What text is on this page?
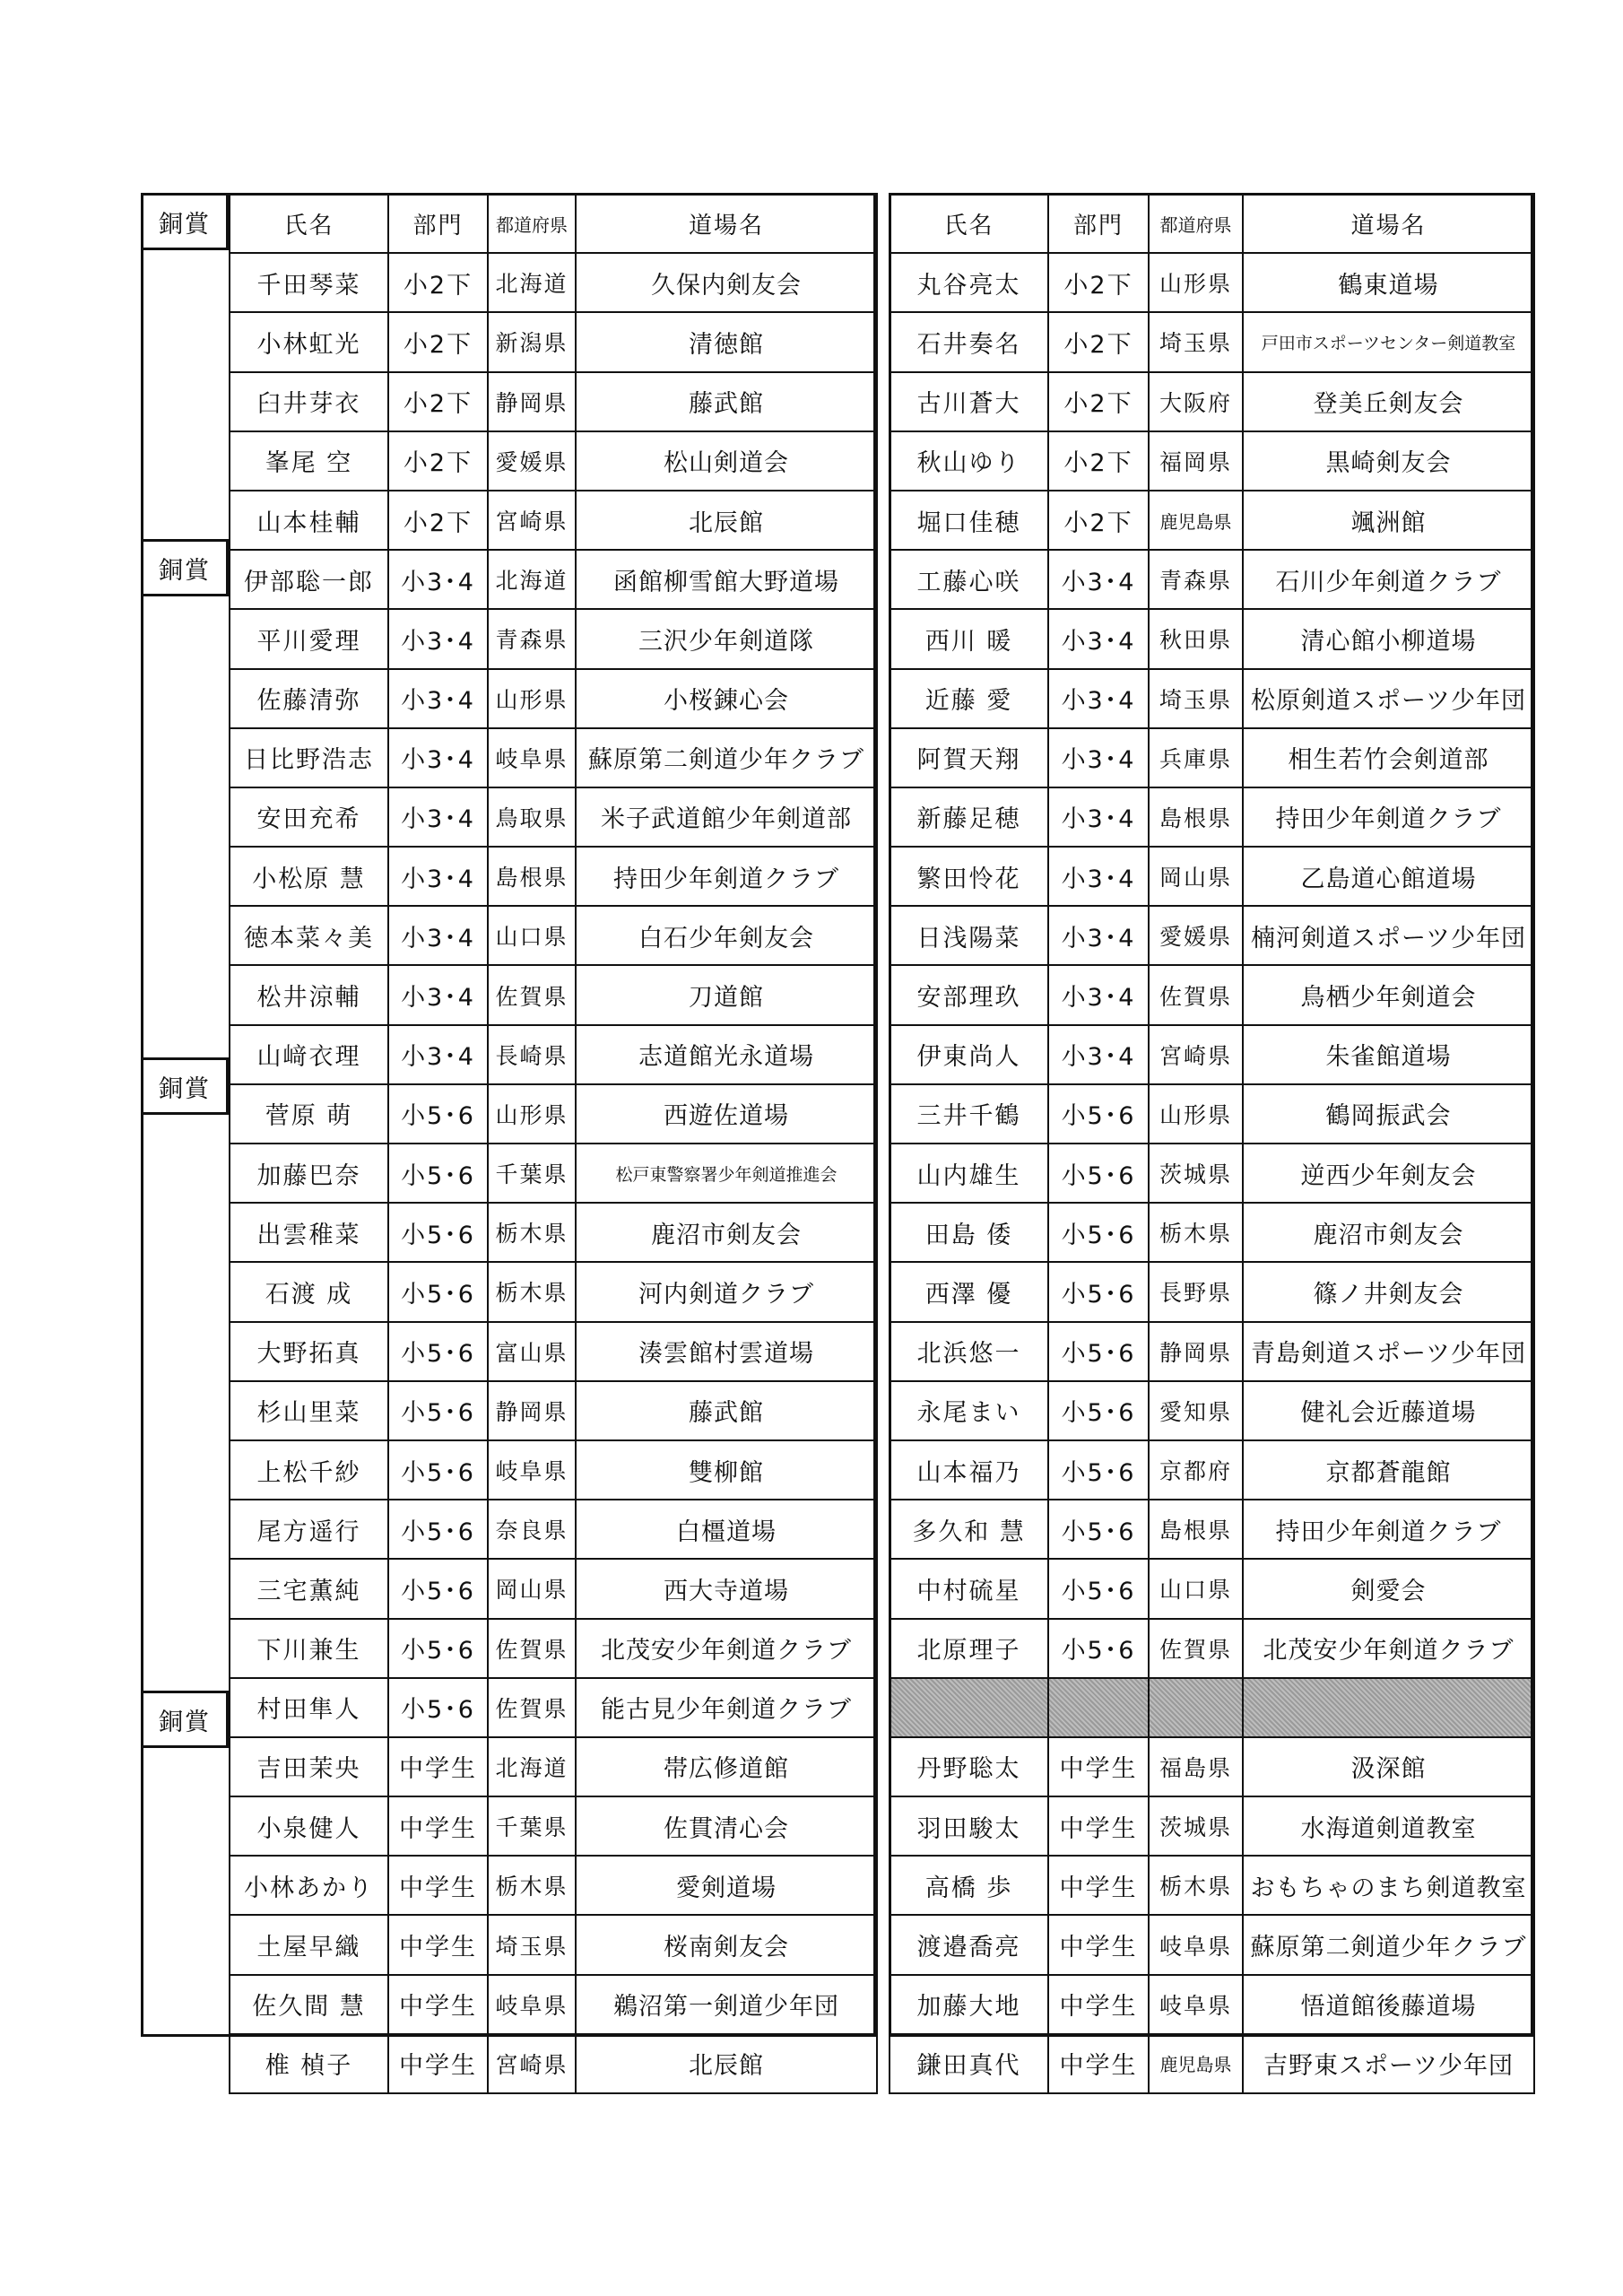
銅賞
銅賞
銅賞
銅賞
氏名	部門	都道府県	道場名
千田琴菜	小2下	北海道	久保内剣友会
小林虹光	小2下	新潟県	清徳館
臼井芽衣	小2下	静岡県	藤武館
峯尾 空	小2下	愛媛県	松山剣道会
山本桂輔	小2下	宮崎県	北辰館
伊部聡一郎	小3･4	北海道	函館柳雪館大野道場
平川愛理	小3･4	青森県	三沢少年剣道隊
佐藤清弥	小3･4	山形県	小桜錬心会
日比野浩志	小3･4	岐阜県	蘇原第二剣道少年クラブ
安田充希	小3･4	鳥取県	米子武道館少年剣道部
小松原 慧	小3･4	島根県	持田少年剣道クラブ
徳本菜々美	小3･4	山口県	白石少年剣友会
松井涼輔	小3･4	佐賀県	刀道館
山﨑衣理	小3･4	長崎県	志道館光永道場
菅原 萌	小5･6	山形県	西遊佐道場
加藤巴奈	小5･6	千葉県	松戸東警察署少年剣道推進会
出雲稚菜	小5･6	栃木県	鹿沼市剣友会
石渡 成	小5･6	栃木県	河内剣道クラブ
大野拓真	小5･6	富山県	湊雲館村雲道場
杉山里菜	小5･6	静岡県	藤武館
上松千紗	小5･6	岐阜県	雙柳館
尾方遥行	小5･6	奈良県	白橿道場
三宅薫純	小5･6	岡山県	西大寺道場
下川兼生	小5･6	佐賀県	北茂安少年剣道クラブ
村田隼人	小5･6	佐賀県	能古見少年剣道クラブ
吉田茉央	中学生	北海道	帯広修道館
小泉健人	中学生	千葉県	佐貫清心会
小林あかり	中学生	栃木県	愛剣道場
土屋早織	中学生	埼玉県	桜南剣友会
佐久間 慧	中学生	岐阜県	鵜沼第一剣道少年団
椎 楨子	中学生	宮崎県	北辰館
氏名	部門	都道府県	道場名
丸谷亮太	小2下	山形県	鶴東道場
石井奏名	小2下	埼玉県	戸田市スポーツセンター剣道教室
古川蒼大	小2下	大阪府	登美丘剣友会
秋山ゆり	小2下	福岡県	黒崎剣友会
堀口佳穂	小2下	鹿児島県	颯洲館
工藤心咲	小3･4	青森県	石川少年剣道クラブ
西川 暖	小3･4	秋田県	清心館小柳道場
近藤 愛	小3･4	埼玉県	松原剣道スポーツ少年団
阿賀天翔	小3･4	兵庫県	相生若竹会剣道部
新藤足穂	小3･4	島根県	持田少年剣道クラブ
繁田怜花	小3･4	岡山県	乙島道心館道場
日浅陽菜	小3･4	愛媛県	楠河剣道スポーツ少年団
安部理玖	小3･4	佐賀県	鳥栖少年剣道会
伊東尚人	小3･4	宮崎県	朱雀館道場
三井千鶴	小5･6	山形県	鶴岡振武会
山内雄生	小5･6	茨城県	逆西少年剣友会
田島 倭	小5･6	栃木県	鹿沼市剣友会
西澤 優	小5･6	長野県	篠ノ井剣友会
北浜悠一	小5･6	静岡県	青島剣道スポーツ少年団
永尾まい	小5･6	愛知県	健礼会近藤道場
山本福乃	小5･6	京都府	京都蒼龍館
多久和 慧	小5･6	島根県	持田少年剣道クラブ
中村硫星	小5･6	山口県	剣愛会
北原理子	小5･6	佐賀県	北茂安少年剣道クラブ

丹野聡太	中学生	福島県	汲深館
羽田駿太	中学生	茨城県	水海道剣道教室
高橋 歩	中学生	栃木県	おもちゃのまち剣道教室
渡邉喬亮	中学生	岐阜県	蘇原第二剣道少年クラブ
加藤大地	中学生	岐阜県	悟道館後藤道場
鎌田真代	中学生	鹿児島県	吉野東スポーツ少年団
